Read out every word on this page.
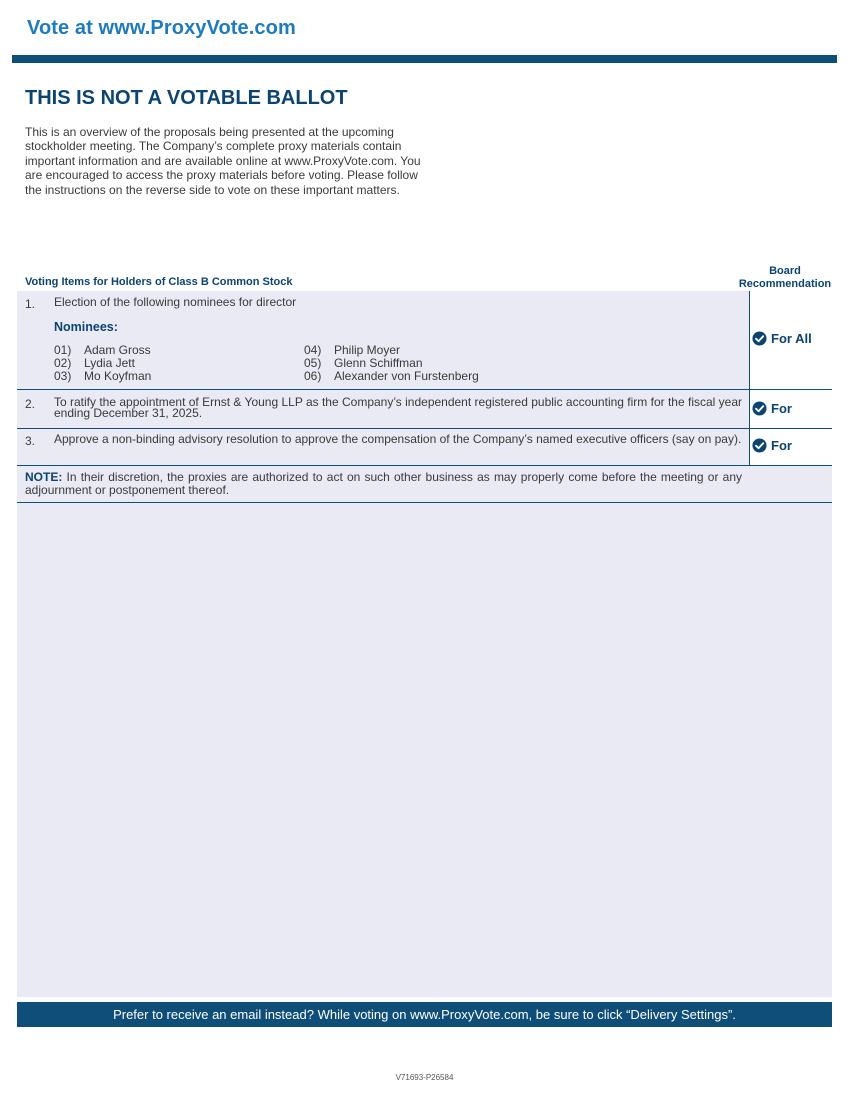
Vote at www.ProxyVote.com
THIS IS NOT A VOTABLE BALLOT

This is an overview of the proposals being presented at the upcoming stockholder meeting. The Company’s complete proxy materials contain important information and are available online at www.ProxyVote.com. You are encouraged to access the proxy materials before voting. Please follow the instructions on the reverse side to vote on these important matters.

Board
Recommendation
Voting Items for Holders of Class B Common Stock
1. Election of the following nominees for director
Nominees:
01) Adam Gross
02) Lydia Jett
03) Mo Koyfman
04) Philip Moyer
05) Glenn Schiffman
06) Alexander von Furstenberg
For All
2. To ratify the appointment of Ernst & Young LLP as the Company’s independent registered public accounting firm for the fiscal year ending December 31, 2025.	For
3. Approve a non-binding advisory resolution to approve the compensation of the Company’s named executive officers (say on pay). For

NOTE: In their discretion, the proxies are authorized to act on such other business as may properly come before the meeting or any adjournment or postponement thereof.

Prefer to receive an email instead? While voting on www.ProxyVote.com, be sure to click “Delivery Settings”.
V71693-P26584
